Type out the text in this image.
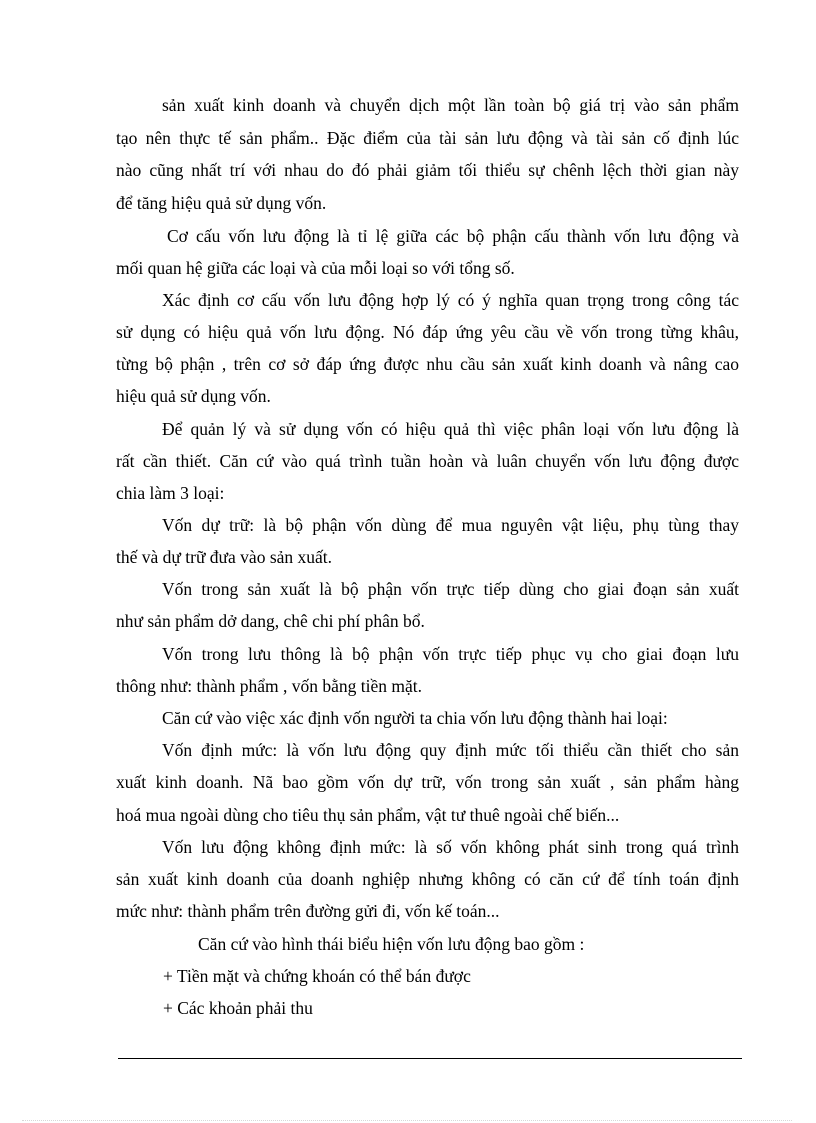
sản xuất kinh doanh và chuyển dịch một lần toàn bộ giá trị vào sản phẩm
tạo nên thực tế sản phẩm.. Đặc điểm của tài sản lưu động và tài sản cố định lúc
nào cũng nhất trí với nhau do đó phải giảm tối thiểu sự chênh lệch thời gian này
để tăng hiệu quả sử dụng vốn.
Cơ cấu vốn lưu động là tỉ lệ giữa các bộ phận cấu thành vốn lưu động và
mối quan hệ giữa các loại và của mỗi loại so với tổng số.
Xác định cơ cấu vốn lưu động hợp lý có ý nghĩa quan trọng trong công tác
sử dụng có hiệu quả vốn lưu động. Nó đáp ứng yêu cầu về vốn trong từng khâu,
từng bộ phận , trên cơ sở đáp ứng được nhu cầu sản xuất kinh doanh và nâng cao
hiệu quả sử dụng vốn.
Để quản lý và sử dụng vốn có hiệu quả thì việc phân loại vốn lưu động là
rất cần thiết. Căn cứ vào quá trình tuần hoàn và luân chuyển vốn lưu động được
chia làm 3 loại:
Vốn dự trữ: là bộ phận vốn dùng để mua nguyên vật liệu, phụ tùng thay
thế và dự trữ đưa vào sản xuất.
Vốn trong sản xuất là bộ phận vốn trực tiếp dùng cho giai đoạn sản xuất
như sản phẩm dở dang, chê chi phí phân bổ.
Vốn trong lưu thông là bộ phận vốn trực tiếp phục vụ cho giai đoạn lưu
thông như: thành phẩm , vốn bằng tiền mặt.
Căn cứ vào việc xác định vốn người ta chia vốn lưu động thành hai loại:
Vốn định mức: là vốn lưu động quy định mức tối thiểu cần thiết cho sản
xuất kinh doanh. Nã bao gồm vốn dự trữ, vốn trong sản xuất , sản phẩm hàng
hoá mua ngoài dùng cho tiêu thụ sản phẩm, vật tư thuê ngoài chế biến...
Vốn lưu động không định mức: là số vốn không phát sinh trong quá trình
sản xuất kinh doanh của doanh nghiệp nhưng không có căn cứ để tính toán định
mức như: thành phẩm trên đường gửi đi, vốn kế toán...
Căn cứ vào hình thái biểu hiện vốn lưu động bao gồm :
+ Tiền mặt và chứng khoán có thể bán được
+ Các khoản phải thu
